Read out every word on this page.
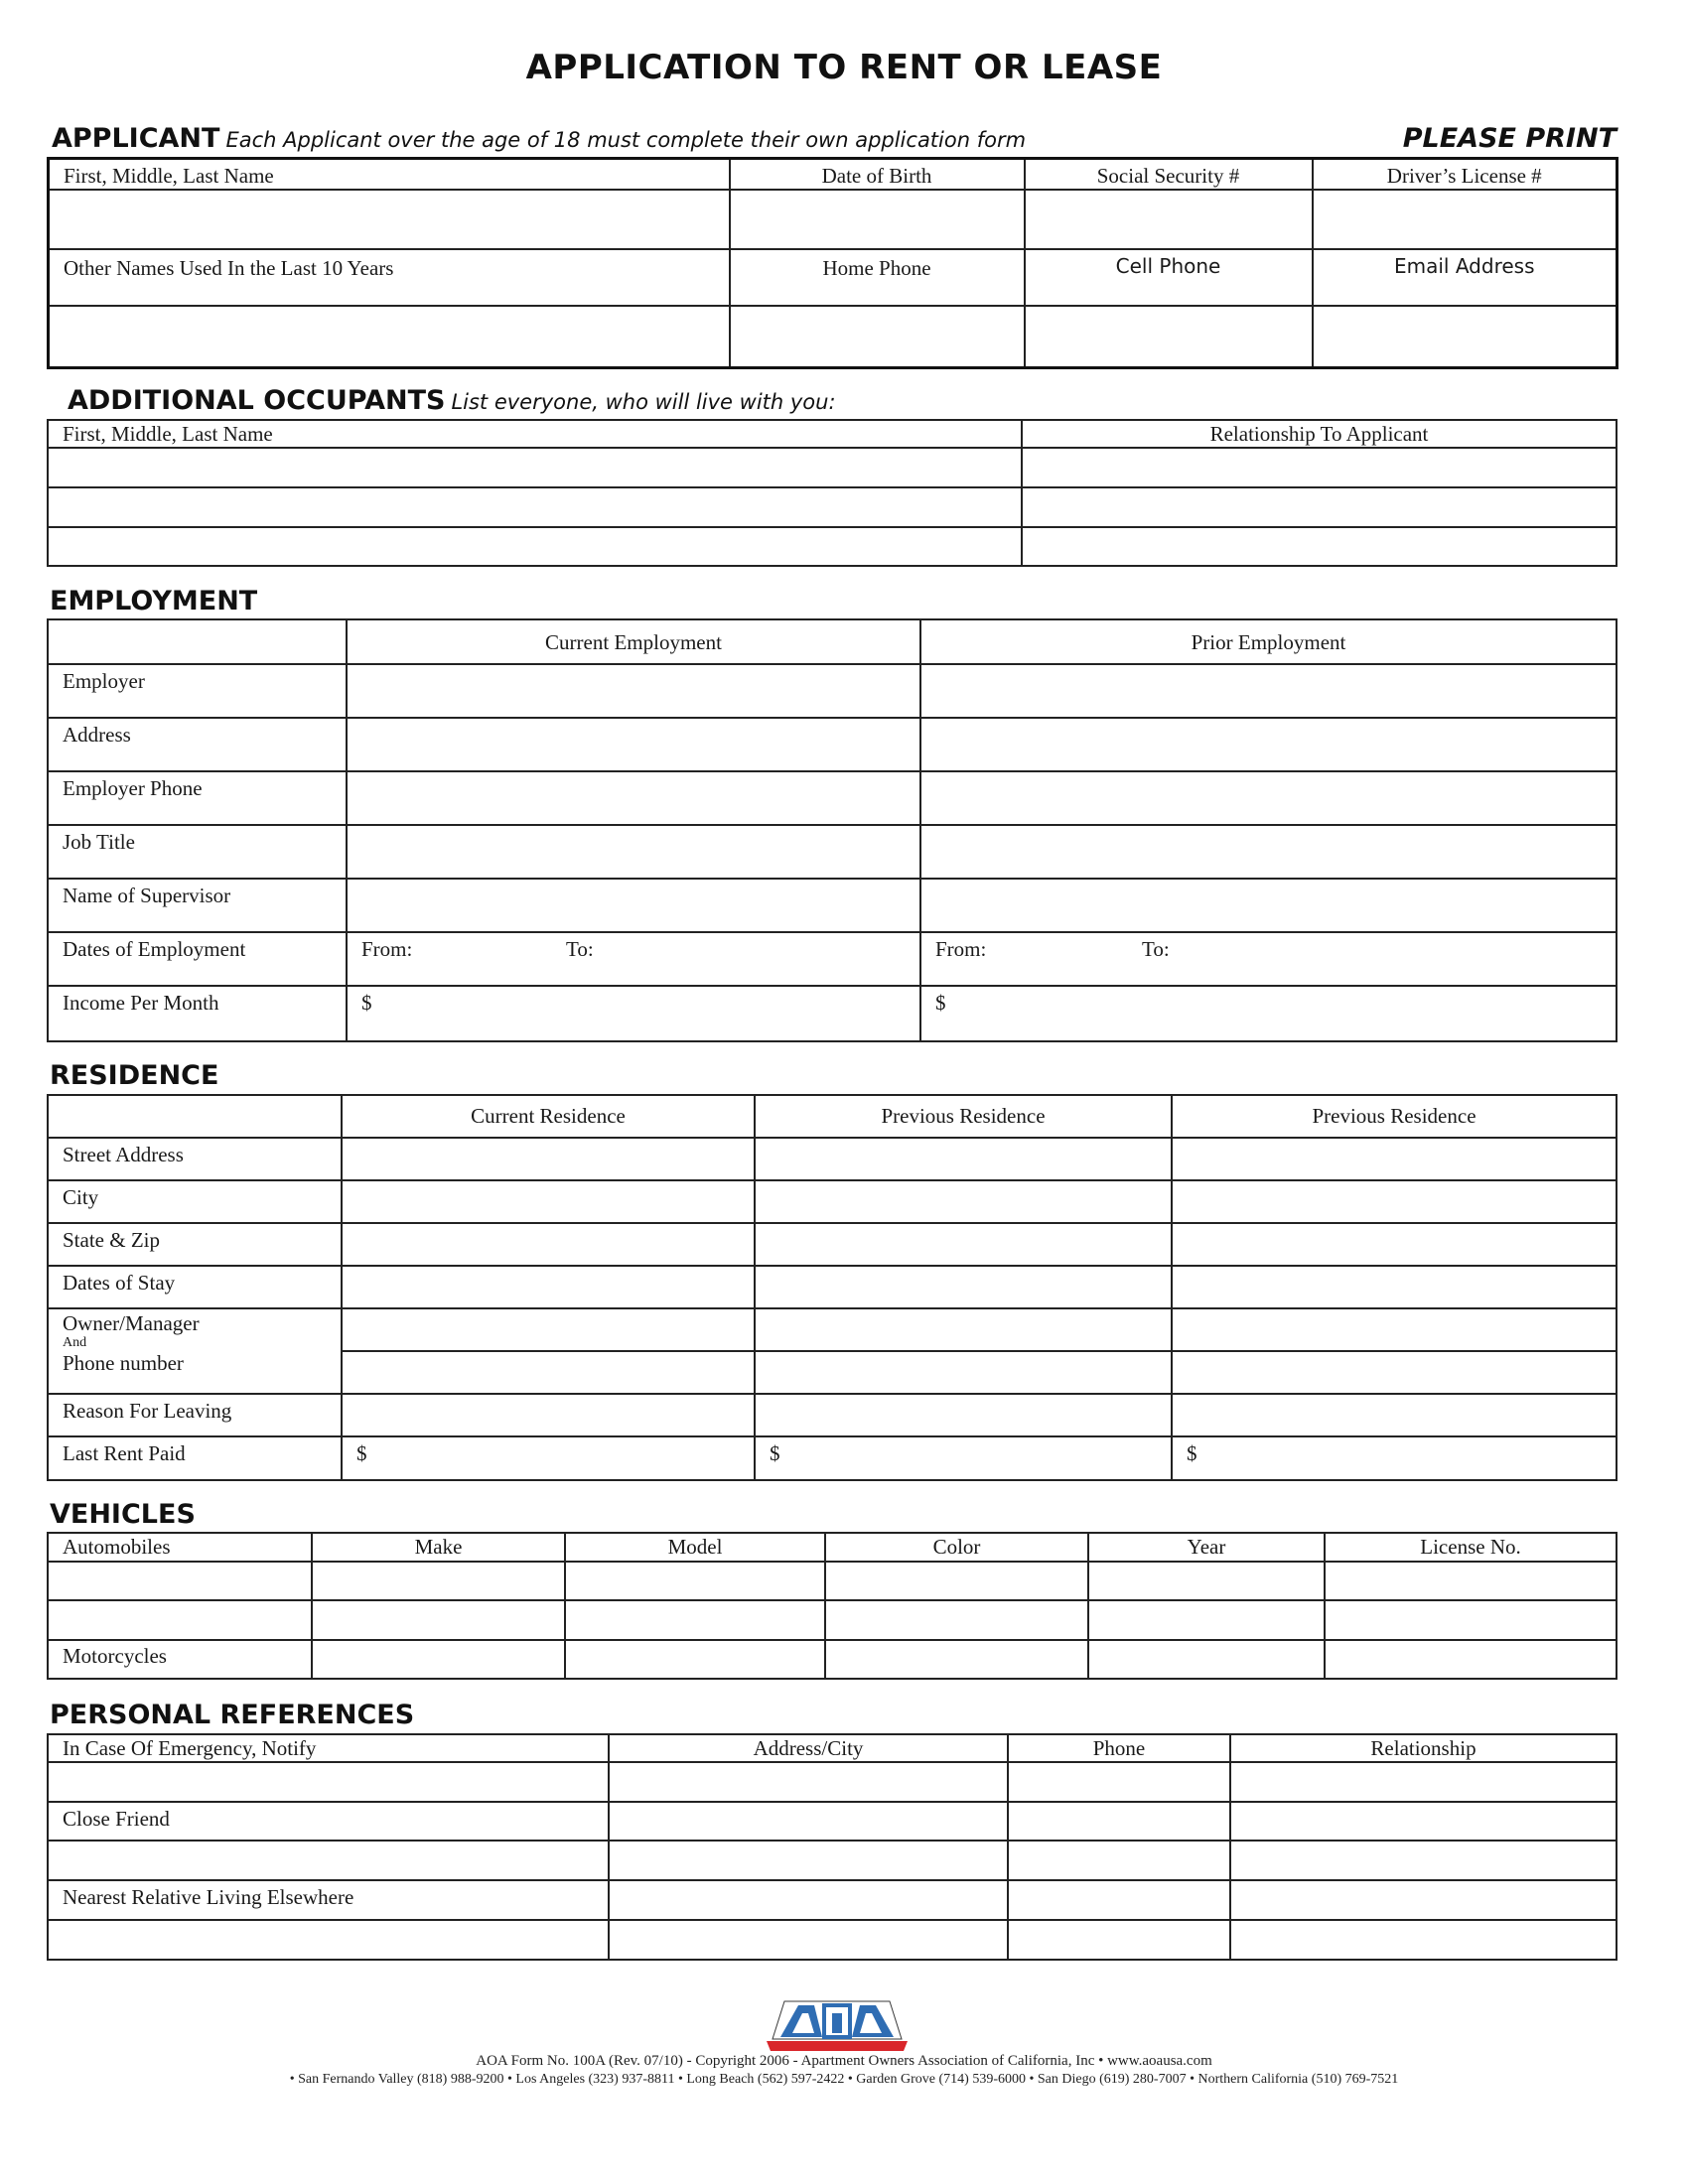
APPLICATION TO RENT OR LEASE
APPLICANT Each Applicant over the age of 18 must complete their own application form	PLEASE PRINT
First, Middle, Last Name	Date of Birth	Social Security #	Driver’s License #

Other Names Used In the Last 10 Years	Home Phone	Cell Phone	Email Address

ADDITIONAL OCCUPANTS List everyone, who will live with you:
First, Middle, Last Name	Relationship To Applicant

EMPLOYMENT
	Current Employment	Prior Employment
Employer		
Address		
Employer Phone		
Job Title		
Name of Supervisor		
Dates of Employment	From: To:	From: To:
Income Per Month	$	$
RESIDENCE
	Current Residence	Previous Residence	Previous Residence
Street Address			
City			
State & Zip			
Dates of Stay			
Owner/Manager
And
Phone number			

Reason For Leaving			
Last Rent Paid	$	$	$
VEHICLES
Automobiles	Make	Model	Color	Year	License No.

Motorcycles					
PERSONAL REFERENCES
In Case Of Emergency, Notify	Address/City	Phone	Relationship

Close Friend			

Nearest Relative Living Elsewhere			

AOA Form No. 100A (Rev. 07/10) - Copyright 2006 - Apartment Owners Association of California, Inc • www.aoausa.com
• San Fernando Valley (818) 988-9200 • Los Angeles (323) 937-8811 • Long Beach (562) 597-2422 • Garden Grove (714) 539-6000 • San Diego (619) 280-7007 • Northern California (510) 769-7521
